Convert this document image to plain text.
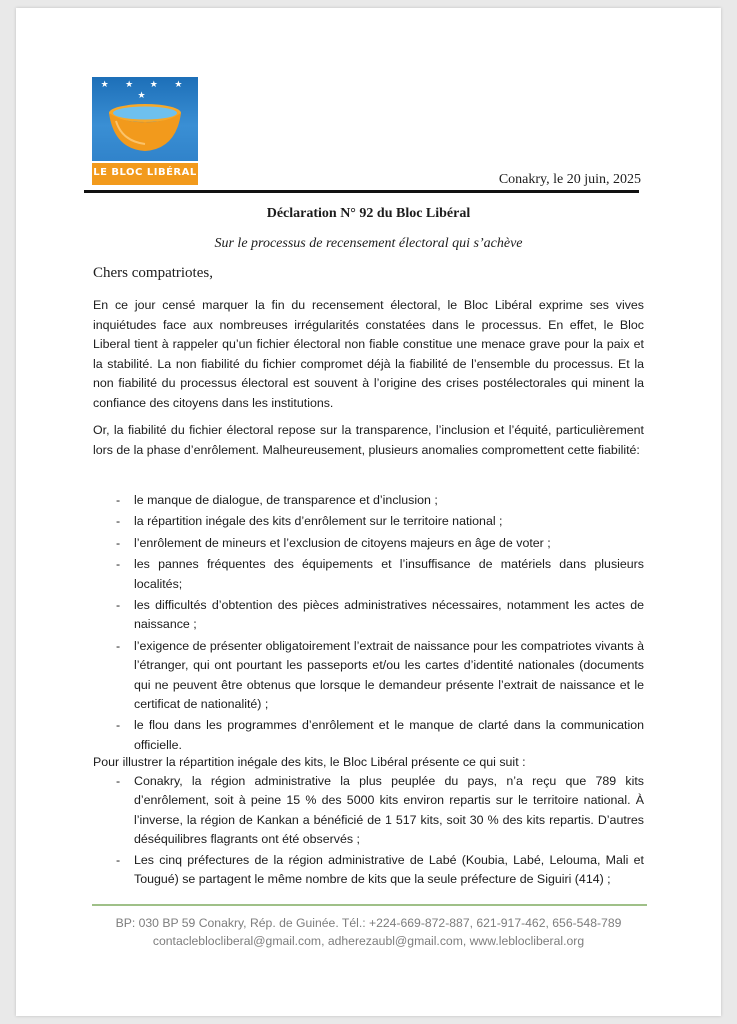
★ ★ ★ ★ ★
LE BLOC LIBÉRAL	Conakry, le 20 juin, 2025
Déclaration N° 92 du Bloc Libéral
Sur le processus de recensement électoral qui s’achève
Chers compatriotes,

En ce jour censé marquer la fin du recensement électoral, le Bloc Libéral exprime ses vives inquiétudes face aux nombreuses irrégularités constatées dans le processus. En effet, le Bloc Liberal tient à rappeler qu’un fichier électoral non fiable constitue une menace grave pour la paix et la stabilité. La non fiabilité du fichier compromet déjà la fiabilité de l’ensemble du processus. Et la non fiabilité du processus électoral est souvent à l’origine des crises postélectorales qui minent la confiance des citoyens dans les institutions.

Or, la fiabilité du fichier électoral repose sur la transparence, l’inclusion et l’équité, particulièrement lors de la phase d’enrôlement. Malheureusement, plusieurs anomalies compromettent cette fiabilité:

- le manque de dialogue, de transparence et d’inclusion ;
- la répartition inégale des kits d’enrôlement sur le territoire national ;
- l’enrôlement de mineurs et l’exclusion de citoyens majeurs en âge de voter ;
- les pannes fréquentes des équipements et l’insuffisance de matériels dans plusieurs localités;
- les difficultés d’obtention des pièces administratives nécessaires, notamment les actes de naissance ;
- l’exigence de présenter obligatoirement l’extrait de naissance pour les compatriotes vivants à l’étranger, qui ont pourtant les passeports et/ou les cartes d’identité nationales (documents qui ne peuvent être obtenus que lorsque le demandeur présente l’extrait de naissance et le certificat de nationalité) ;
- le flou dans les programmes d’enrôlement et le manque de clarté dans la communication officielle.

Pour illustrer la répartition inégale des kits, le Bloc Libéral présente ce qui suit :

- Conakry, la région administrative la plus peuplée du pays, n’a reçu que 789 kits d’enrôlement, soit à peine 15 % des 5000 kits environ repartis sur le territoire national. À l’inverse, la région de Kankan a bénéficié de 1 517 kits, soit 30 % des kits repartis. D’autres déséquilibres flagrants ont été observés ;
- Les cinq préfectures de la région administrative de Labé (Koubia, Labé, Lelouma, Mali et Tougué) se partagent le même nombre de kits que la seule préfecture de Siguiri (414) ;
BP: 030 BP 59 Conakry, Rép. de Guinée. Tél.: +224-669-872-887, 621-917-462, 656-548-789
contacleblocliberal@gmail.com, adherezaubl@gmail.com, www.leblocliberal.org
